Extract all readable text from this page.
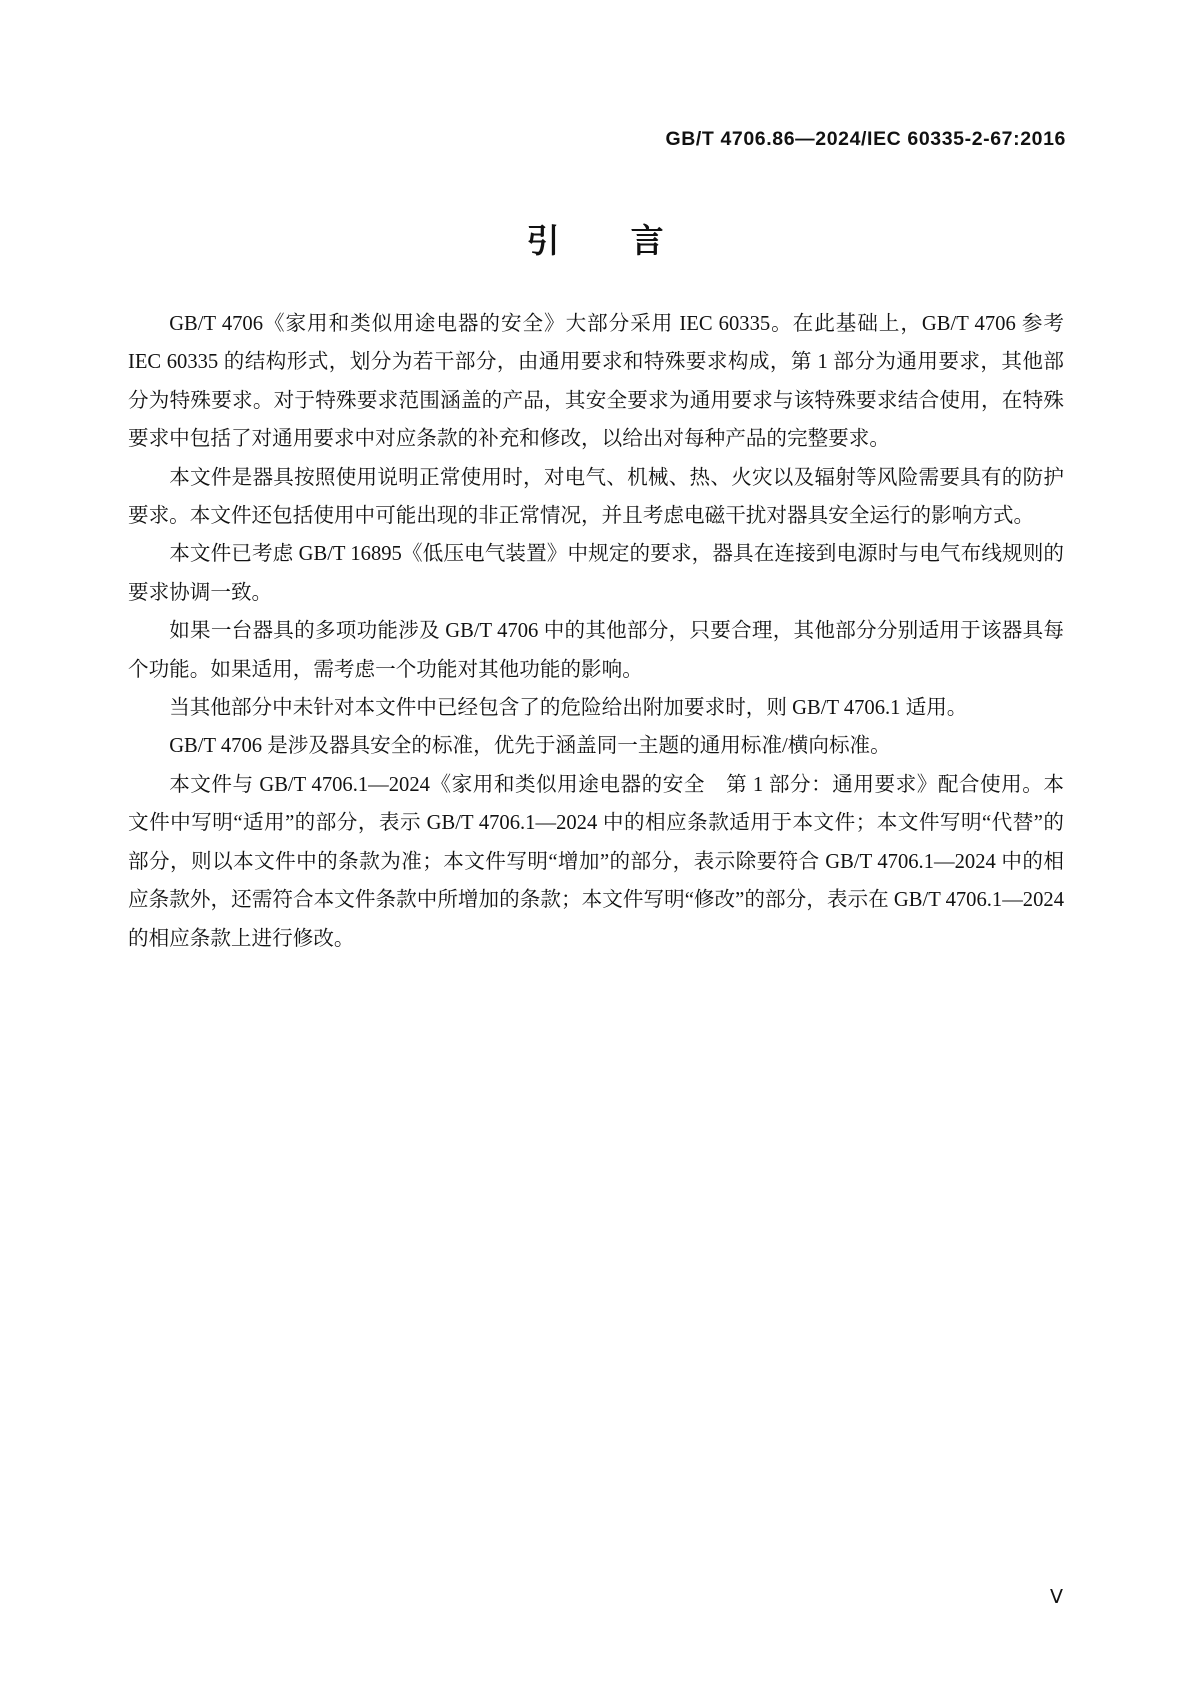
GB/T 4706.86—2024/IEC 60335-2-67:2016
引 言

GB/T 4706《家用和类似用途电器的安全》大部分采用 IEC 60335。在此基础上，GB/T 4706 参考 IEC 60335 的结构形式，划分为若干部分，由通用要求和特殊要求构成，第 1 部分为通用要求，其他部分为特殊要求。对于特殊要求范围涵盖的产品，其安全要求为通用要求与该特殊要求结合使用，在特殊要求中包括了对通用要求中对应条款的补充和修改，以给出对每种产品的完整要求。

本文件是器具按照使用说明正常使用时，对电气、机械、热、火灾以及辐射等风险需要具有的防护要求。本文件还包括使用中可能出现的非正常情况，并且考虑电磁干扰对器具安全运行的影响方式。

本文件已考虑 GB/T 16895《低压电气装置》中规定的要求，器具在连接到电源时与电气布线规则的要求协调一致。

如果一台器具的多项功能涉及 GB/T 4706 中的其他部分，只要合理，其他部分分别适用于该器具每个功能。如果适用，需考虑一个功能对其他功能的影响。

当其他部分中未针对本文件中已经包含了的危险给出附加要求时，则 GB/T 4706.1 适用。

GB/T 4706 是涉及器具安全的标准，优先于涵盖同一主题的通用标准/横向标准。

本文件与 GB/T 4706.1—2024《家用和类似用途电器的安全　第 1 部分：通用要求》配合使用。本文件中写明“适用”的部分，表示 GB/T 4706.1—2024 中的相应条款适用于本文件；本文件写明“代替”的部分，则以本文件中的条款为准；本文件写明“增加”的部分，表示除要符合 GB/T 4706.1—2024 中的相应条款外，还需符合本文件条款中所增加的条款；本文件写明“修改”的部分，表示在 GB/T 4706.1—2024 的相应条款上进行修改。

Ⅴ
